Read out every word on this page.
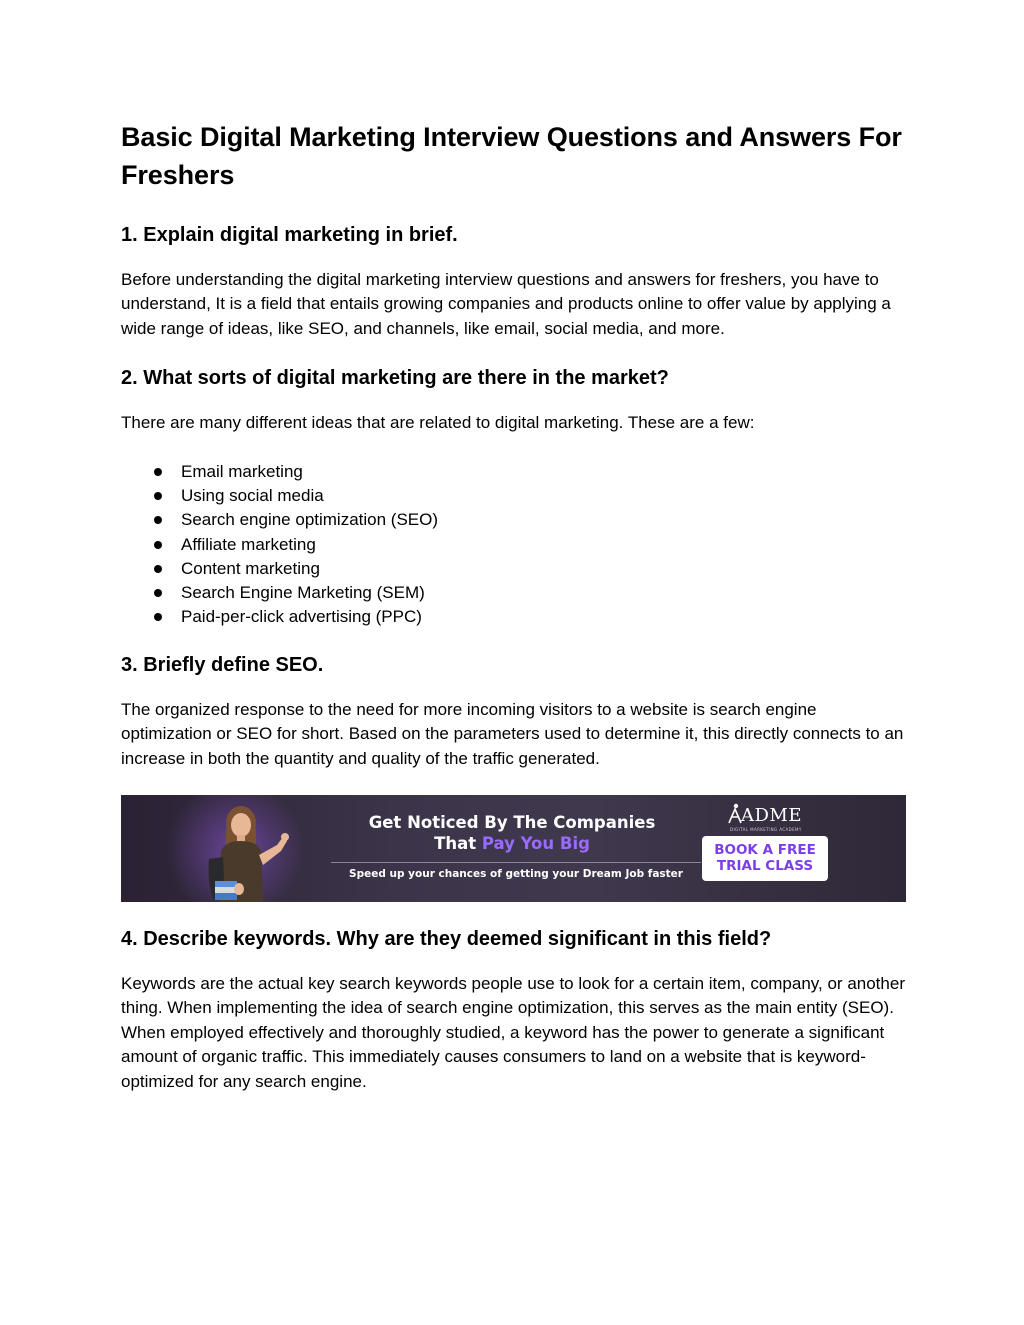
Basic Digital Marketing Interview Questions and Answers For Freshers
1. Explain digital marketing in brief.

Before understanding the digital marketing interview questions and answers for freshers, you have to understand, It is a field that entails growing companies and products online to offer value by applying a wide range of ideas, like SEO, and channels, like email, social media, and more.

2. What sorts of digital marketing are there in the market?

There are many different ideas that are related to digital marketing. These are a few:

Email marketing
Using social media
Search engine optimization (SEO)
Affiliate marketing
Content marketing
Search Engine Marketing (SEM)
Paid-per-click advertising (PPC)
3. Briefly define SEO.

The organized response to the need for more incoming visitors to a website is search engine optimization or SEO for short. Based on the parameters used to determine it, this directly connects to an increase in both the quantity and quality of the traffic generated.

Get Noticed By The Companies
That Pay You Big
Speed up your chances of getting your Dream Job faster
ADME
DIGITAL MARKETING ACADEMY
BOOK A FREE
TRIAL CLASS
4. Describe keywords. Why are they deemed significant in this field?

Keywords are the actual key search keywords people use to look for a certain item, company, or another thing. When implementing the idea of search engine optimization, this serves as the main entity (SEO). When employed effectively and thoroughly studied, a keyword has the power to generate a significant amount of organic traffic. This immediately causes consumers to land on a website that is keyword-optimized for any search engine.
